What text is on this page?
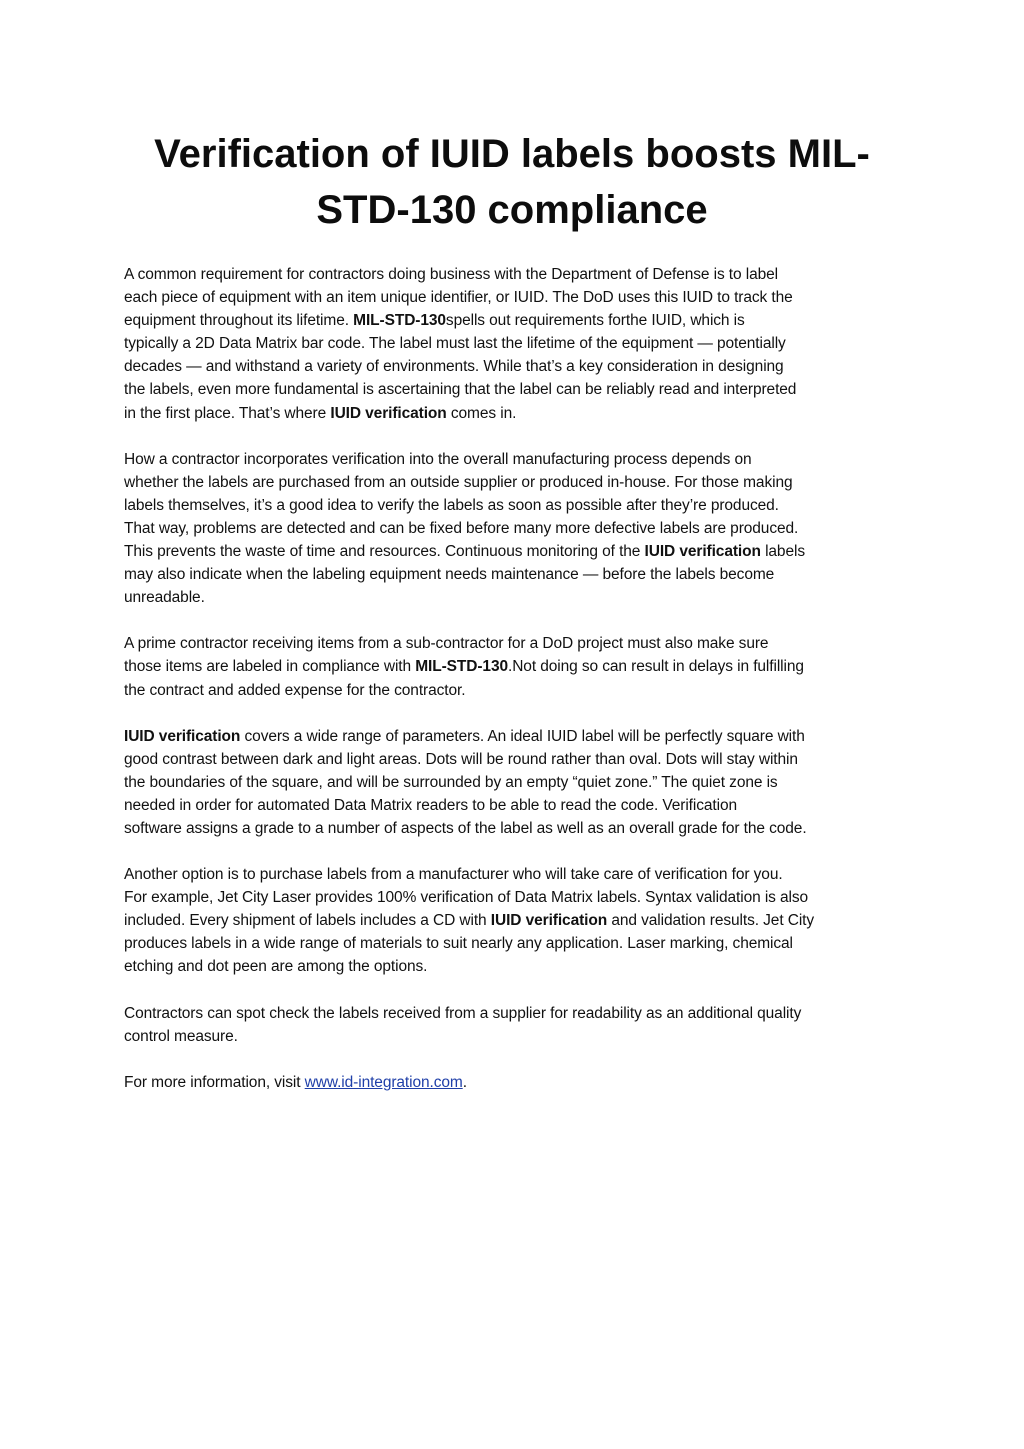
Verification of IUID labels boosts MIL-
STD-130 compliance

A common requirement for contractors doing business with the Department of Defense is to label
each piece of equipment with an item unique identifier, or IUID. The DoD uses this IUID to track the
equipment throughout its lifetime. MIL-STD-130spells out requirements forthe IUID, which is
typically a 2D Data Matrix bar code. The label must last the lifetime of the equipment — potentially
decades — and withstand a variety of environments. While that’s a key consideration in designing
the labels, even more fundamental is ascertaining that the label can be reliably read and interpreted
in the first place. That’s where IUID verification comes in.

How a contractor incorporates verification into the overall manufacturing process depends on
whether the labels are purchased from an outside supplier or produced in-house. For those making
labels themselves, it’s a good idea to verify the labels as soon as possible after they’re produced.
That way, problems are detected and can be fixed before many more defective labels are produced.
This prevents the waste of time and resources. Continuous monitoring of the IUID verification labels
may also indicate when the labeling equipment needs maintenance — before the labels become
unreadable.

A prime contractor receiving items from a sub-contractor for a DoD project must also make sure
those items are labeled in compliance with MIL-STD-130.Not doing so can result in delays in fulfilling
the contract and added expense for the contractor.

IUID verification covers a wide range of parameters. An ideal IUID label will be perfectly square with
good contrast between dark and light areas. Dots will be round rather than oval. Dots will stay within
the boundaries of the square, and will be surrounded by an empty “quiet zone.” The quiet zone is
needed in order for automated Data Matrix readers to be able to read the code. Verification
software assigns a grade to a number of aspects of the label as well as an overall grade for the code.

Another option is to purchase labels from a manufacturer who will take care of verification for you.
For example, Jet City Laser provides 100% verification of Data Matrix labels. Syntax validation is also
included. Every shipment of labels includes a CD with IUID verification and validation results. Jet City
produces labels in a wide range of materials to suit nearly any application. Laser marking, chemical
etching and dot peen are among the options.

Contractors can spot check the labels received from a supplier for readability as an additional quality
control measure.

For more information, visit www.id-integration.com.
